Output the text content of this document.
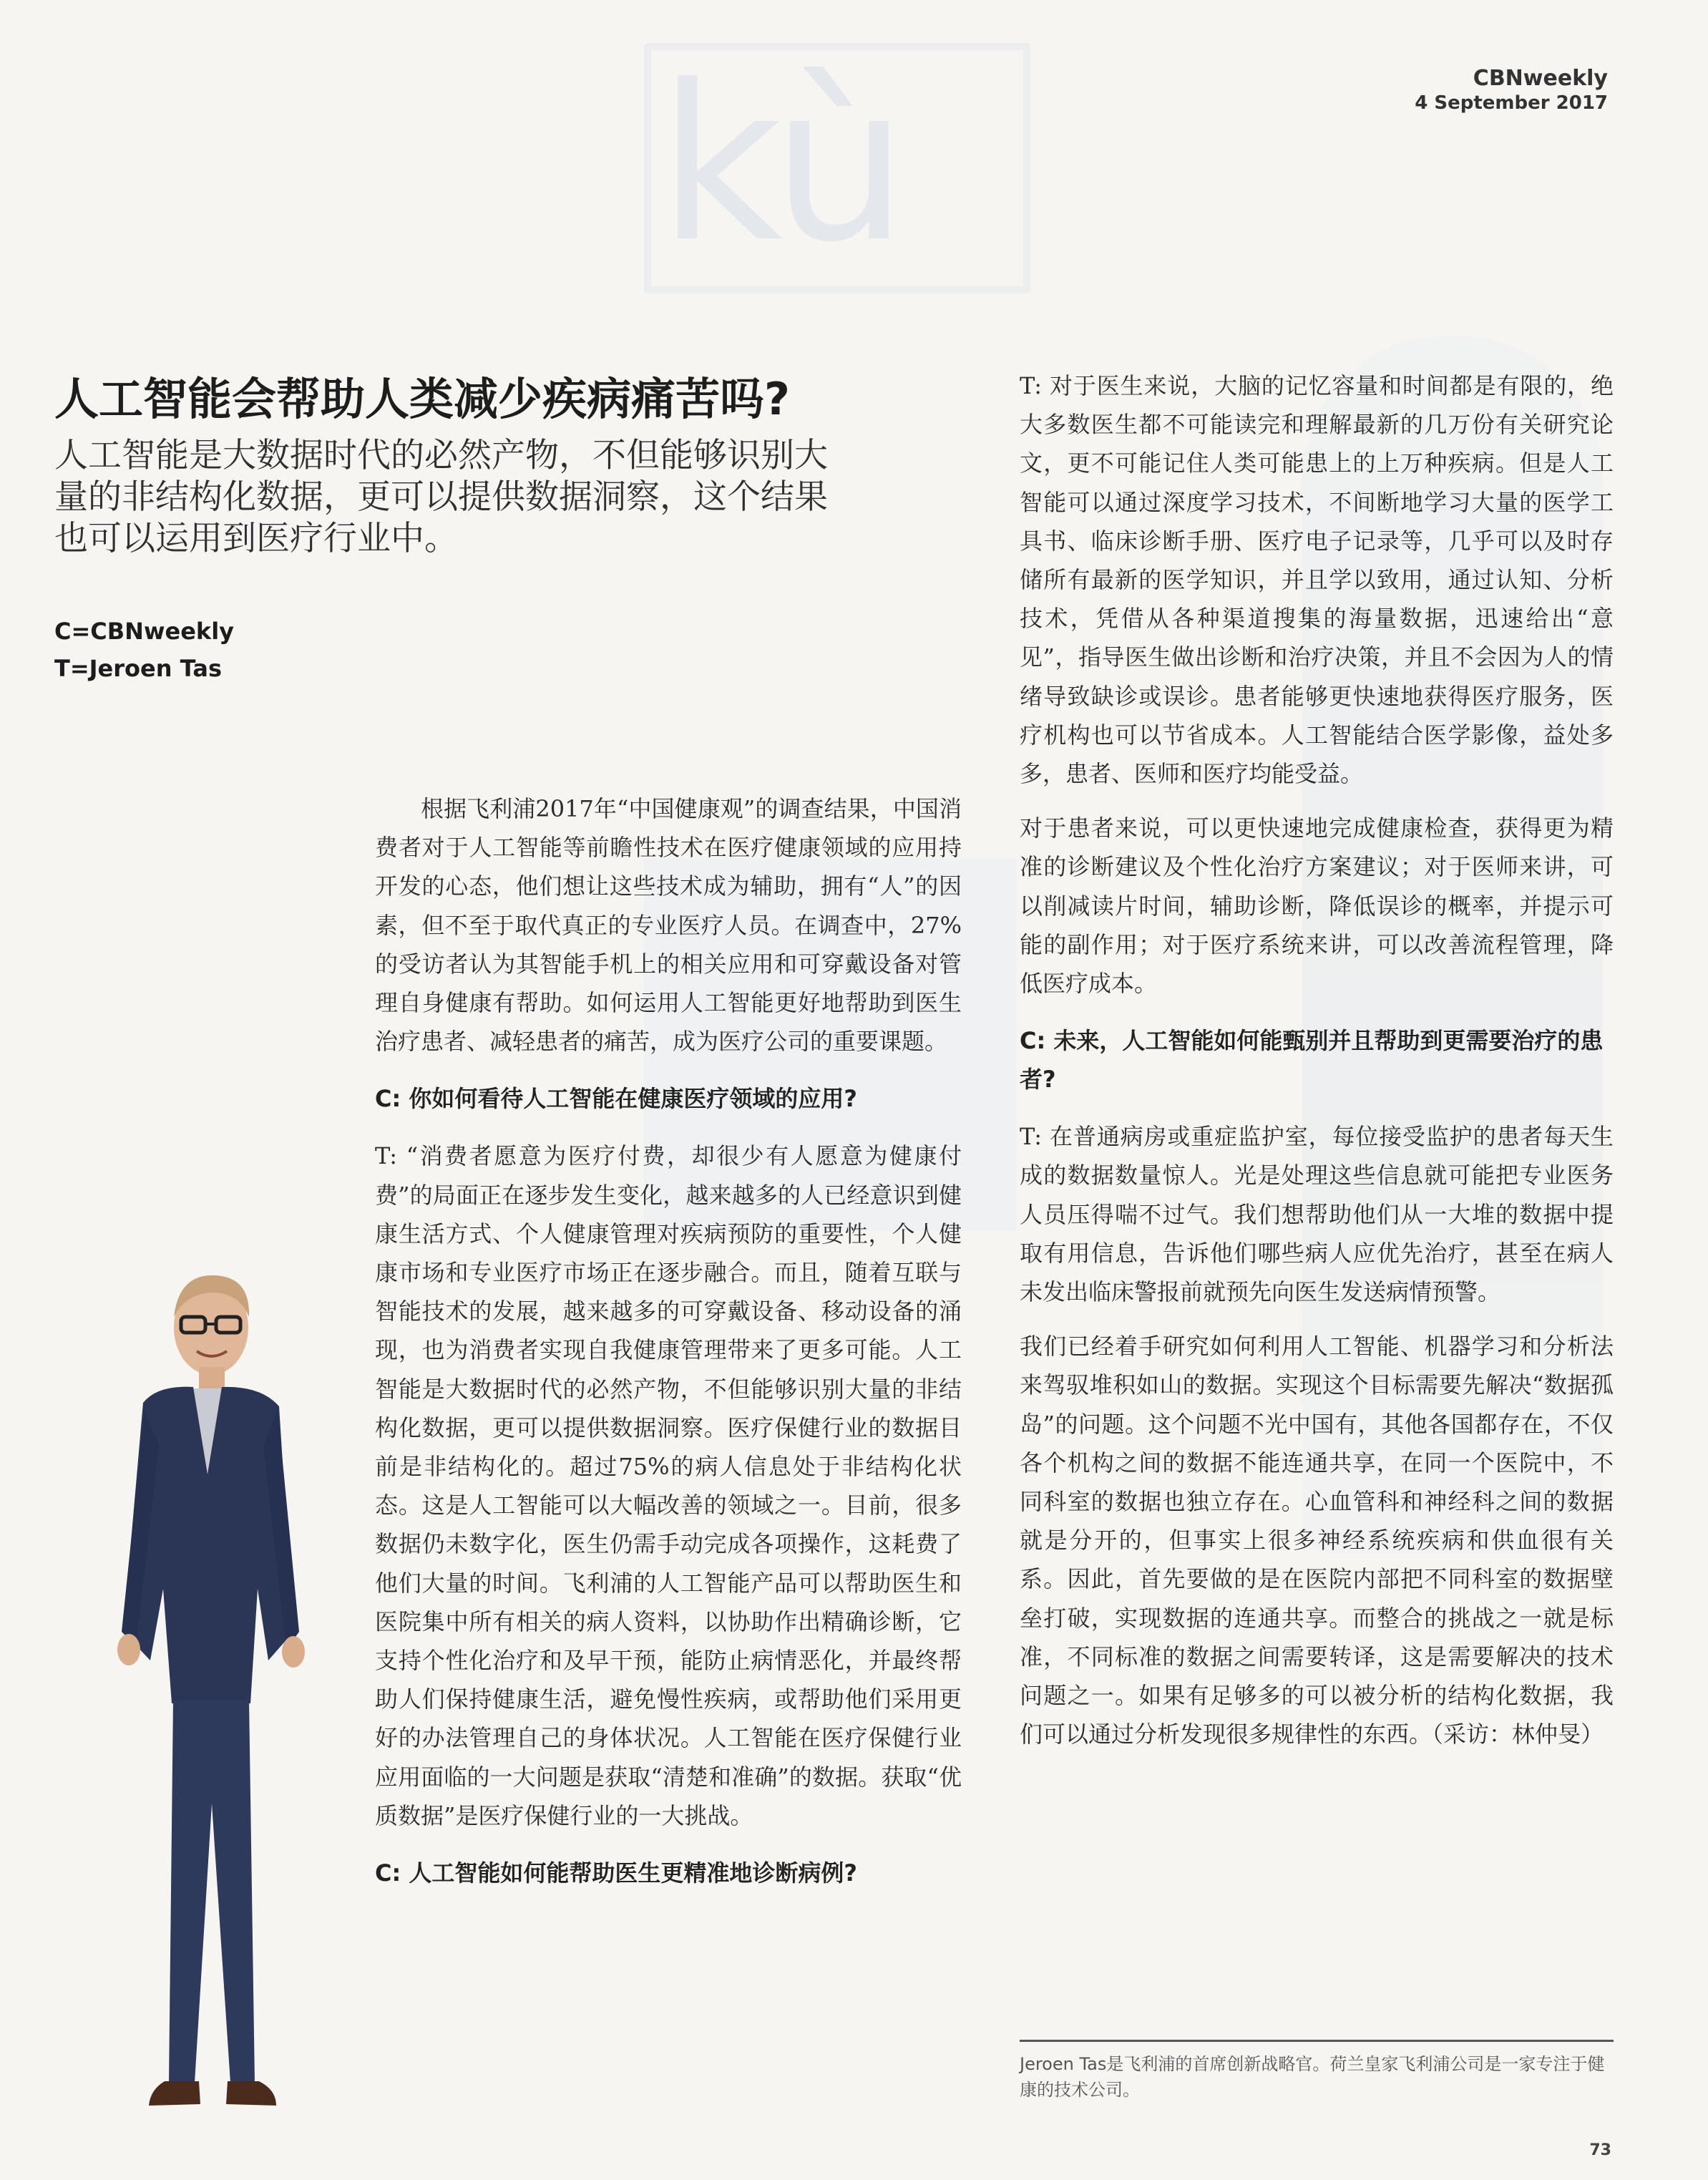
kù	CBNweekly
4 September 2017
人工智能会帮助人类减少疾病痛苦吗?
人工智能是大数据时代的必然产物，不但能够识别大量的非结构化数据，更可以提供数据洞察，这个结果也可以运用到医疗行业中。
C=CBNweekly
T=Jeroen Tas

根据飞利浦2017年“中国健康观”的调查结果，中国消费者对于人工智能等前瞻性技术在医疗健康领域的应用持开发的心态，他们想让这些技术成为辅助，拥有“人”的因素，但不至于取代真正的专业医疗人员。在调查中，27%的受访者认为其智能手机上的相关应用和可穿戴设备对管理自身健康有帮助。如何运用人工智能更好地帮助到医生治疗患者、减轻患者的痛苦，成为医疗公司的重要课题。

C: 你如何看待人工智能在健康医疗领域的应用?

T: “消费者愿意为医疗付费，却很少有人愿意为健康付费”的局面正在逐步发生变化，越来越多的人已经意识到健康生活方式、个人健康管理对疾病预防的重要性，个人健康市场和专业医疗市场正在逐步融合。而且，随着互联与智能技术的发展，越来越多的可穿戴设备、移动设备的涌现，也为消费者实现自我健康管理带来了更多可能。人工智能是大数据时代的必然产物，不但能够识别大量的非结构化数据，更可以提供数据洞察。医疗保健行业的数据目前是非结构化的。超过75%的病人信息处于非结构化状态。这是人工智能可以大幅改善的领域之一。目前，很多数据仍未数字化，医生仍需手动完成各项操作，这耗费了他们大量的时间。飞利浦的人工智能产品可以帮助医生和医院集中所有相关的病人资料，以协助作出精确诊断，它支持个性化治疗和及早干预，能防止病情恶化，并最终帮助人们保持健康生活，避免慢性疾病，或帮助他们采用更好的办法管理自己的身体状况。人工智能在医疗保健行业应用面临的一大问题是获取“清楚和准确”的数据。获取“优质数据”是医疗保健行业的一大挑战。

C: 人工智能如何能帮助医生更精准地诊断病例?

T: 对于医生来说，大脑的记忆容量和时间都是有限的，绝大多数医生都不可能读完和理解最新的几万份有关研究论文，更不可能记住人类可能患上的上万种疾病。但是人工智能可以通过深度学习技术，不间断地学习大量的医学工具书、临床诊断手册、医疗电子记录等，几乎可以及时存储所有最新的医学知识，并且学以致用，通过认知、分析技术，凭借从各种渠道搜集的海量数据，迅速给出“意见”，指导医生做出诊断和治疗决策，并且不会因为人的情绪导致缺诊或误诊。患者能够更快速地获得医疗服务，医疗机构也可以节省成本。人工智能结合医学影像，益处多多，患者、医师和医疗均能受益。

对于患者来说，可以更快速地完成健康检查，获得更为精准的诊断建议及个性化治疗方案建议；对于医师来讲，可以削减读片时间，辅助诊断，降低误诊的概率，并提示可能的副作用；对于医疗系统来讲，可以改善流程管理，降低医疗成本。

C: 未来，人工智能如何能甄别并且帮助到更需要治疗的患者?

T: 在普通病房或重症监护室，每位接受监护的患者每天生成的数据数量惊人。光是处理这些信息就可能把专业医务人员压得喘不过气。我们想帮助他们从一大堆的数据中提取有用信息，告诉他们哪些病人应优先治疗，甚至在病人未发出临床警报前就预先向医生发送病情预警。

我们已经着手研究如何利用人工智能、机器学习和分析法来驾驭堆积如山的数据。实现这个目标需要先解决“数据孤岛”的问题。这个问题不光中国有，其他各国都存在，不仅各个机构之间的数据不能连通共享，在同一个医院中，不同科室的数据也独立存在。心血管科和神经科之间的数据就是分开的，但事实上很多神经系统疾病和供血很有关系。因此，首先要做的是在医院内部把不同科室的数据壁垒打破，实现数据的连通共享。而整合的挑战之一就是标准，不同标准的数据之间需要转译，这是需要解决的技术问题之一。如果有足够多的可以被分析的结构化数据，我们可以通过分析发现很多规律性的东西。（采访：林仲旻）

Jeroen Tas是飞利浦的首席创新战略官。荷兰皇家飞利浦公司是一家专注于健康的技术公司。
73
